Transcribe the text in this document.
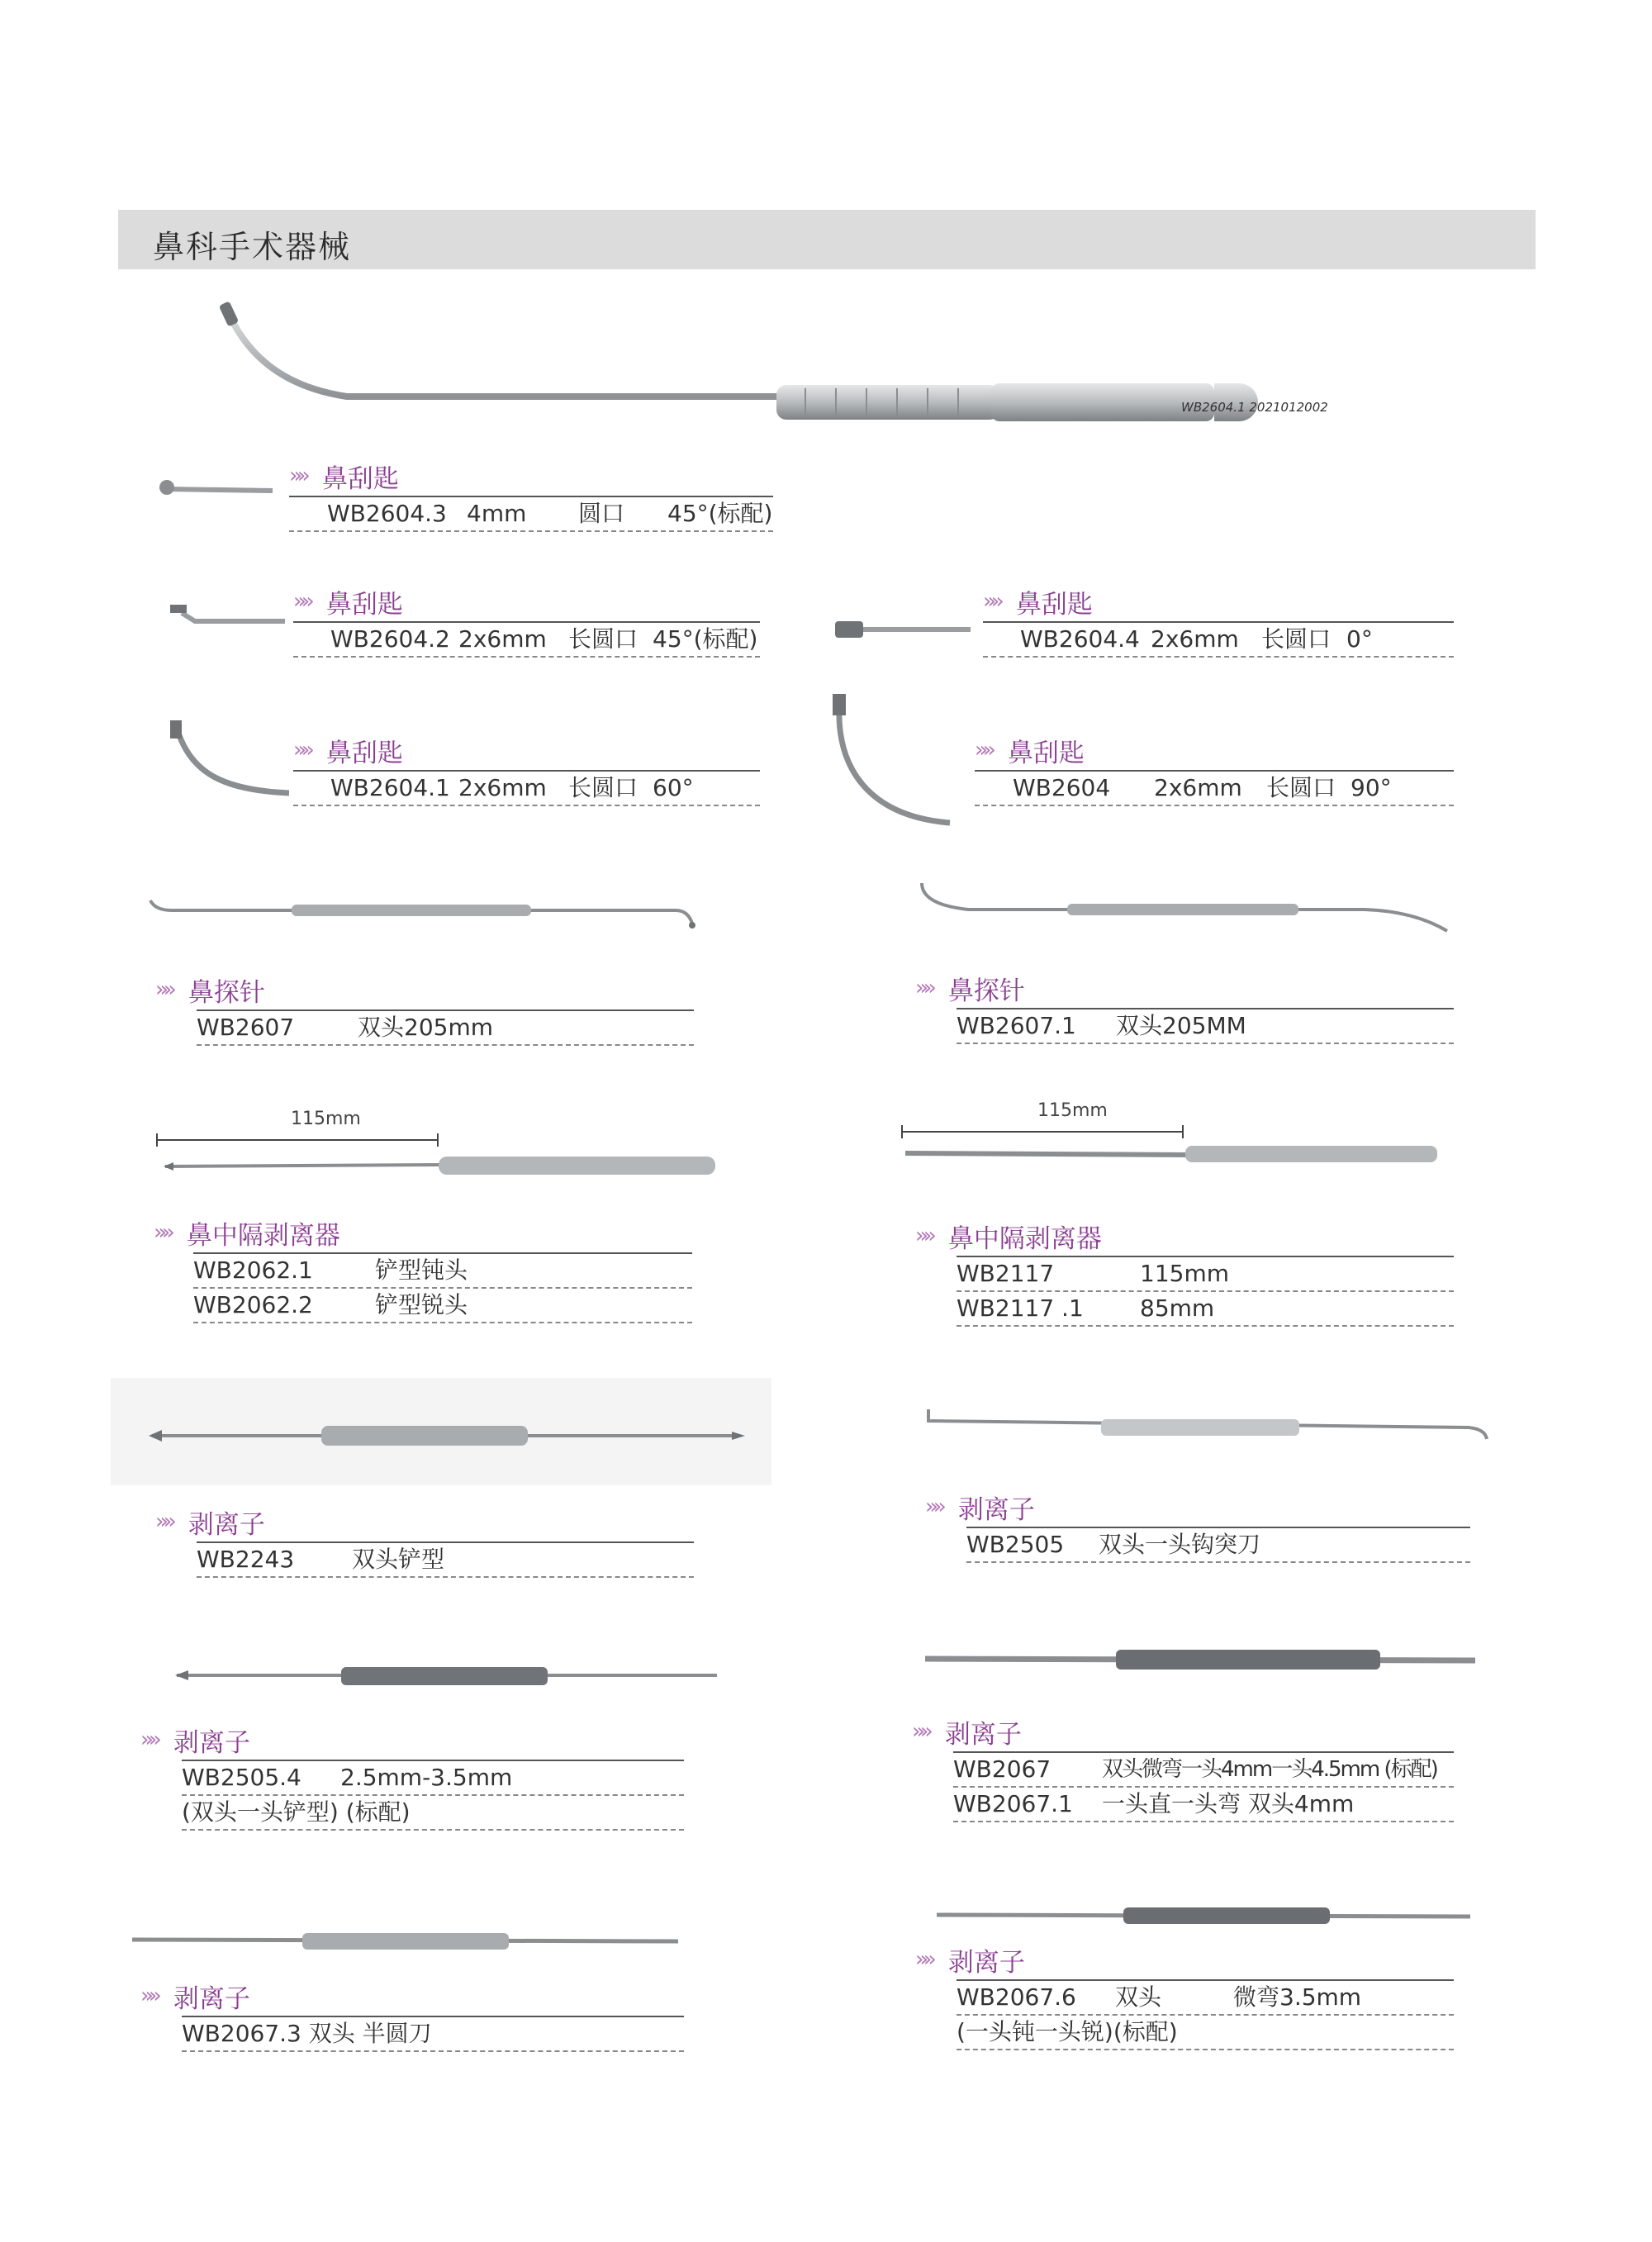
鼻科手术器械
WB2604.1 2021012002
115mm	115mm
»» 鼻刮匙
WB2604.3 4mm 圆口 45°(标配)
»» 鼻刮匙
WB2604.2 2x6mm 长圆口 45°(标配)
»» 鼻刮匙
WB2604.4 2x6mm 长圆口 0°
»» 鼻刮匙
WB2604.1 2x6mm 长圆口 60°
»» 鼻刮匙
WB2604 2x6mm 长圆口 90°
»» 鼻探针
WB2607	双头205mm
»» 鼻探针
WB2607.1 双头205MM
»» 鼻中隔剥离器
WB2062.1	铲型钝头
WB2062.2	铲型锐头
»» 鼻中隔剥离器
WB2117	115mm
WB2117 .1 85mm
»» 剥离子
WB2243 双头铲型
»» 剥离子
WB2505 双头一头钩突刀
»» 剥离子
WB2505.4 2.5mm-3.5mm
(双头一头铲型) (标配)
»» 剥离子
WB2067 双头微弯一头4mm一头4.5mm (标配)
WB2067.1 一头直一头弯 双头4mm
»» 剥离子
WB2067.3 双头 半圆刀
»» 剥离子
WB2067.6 双头	微弯3.5mm
(一头钝一头锐)(标配)
